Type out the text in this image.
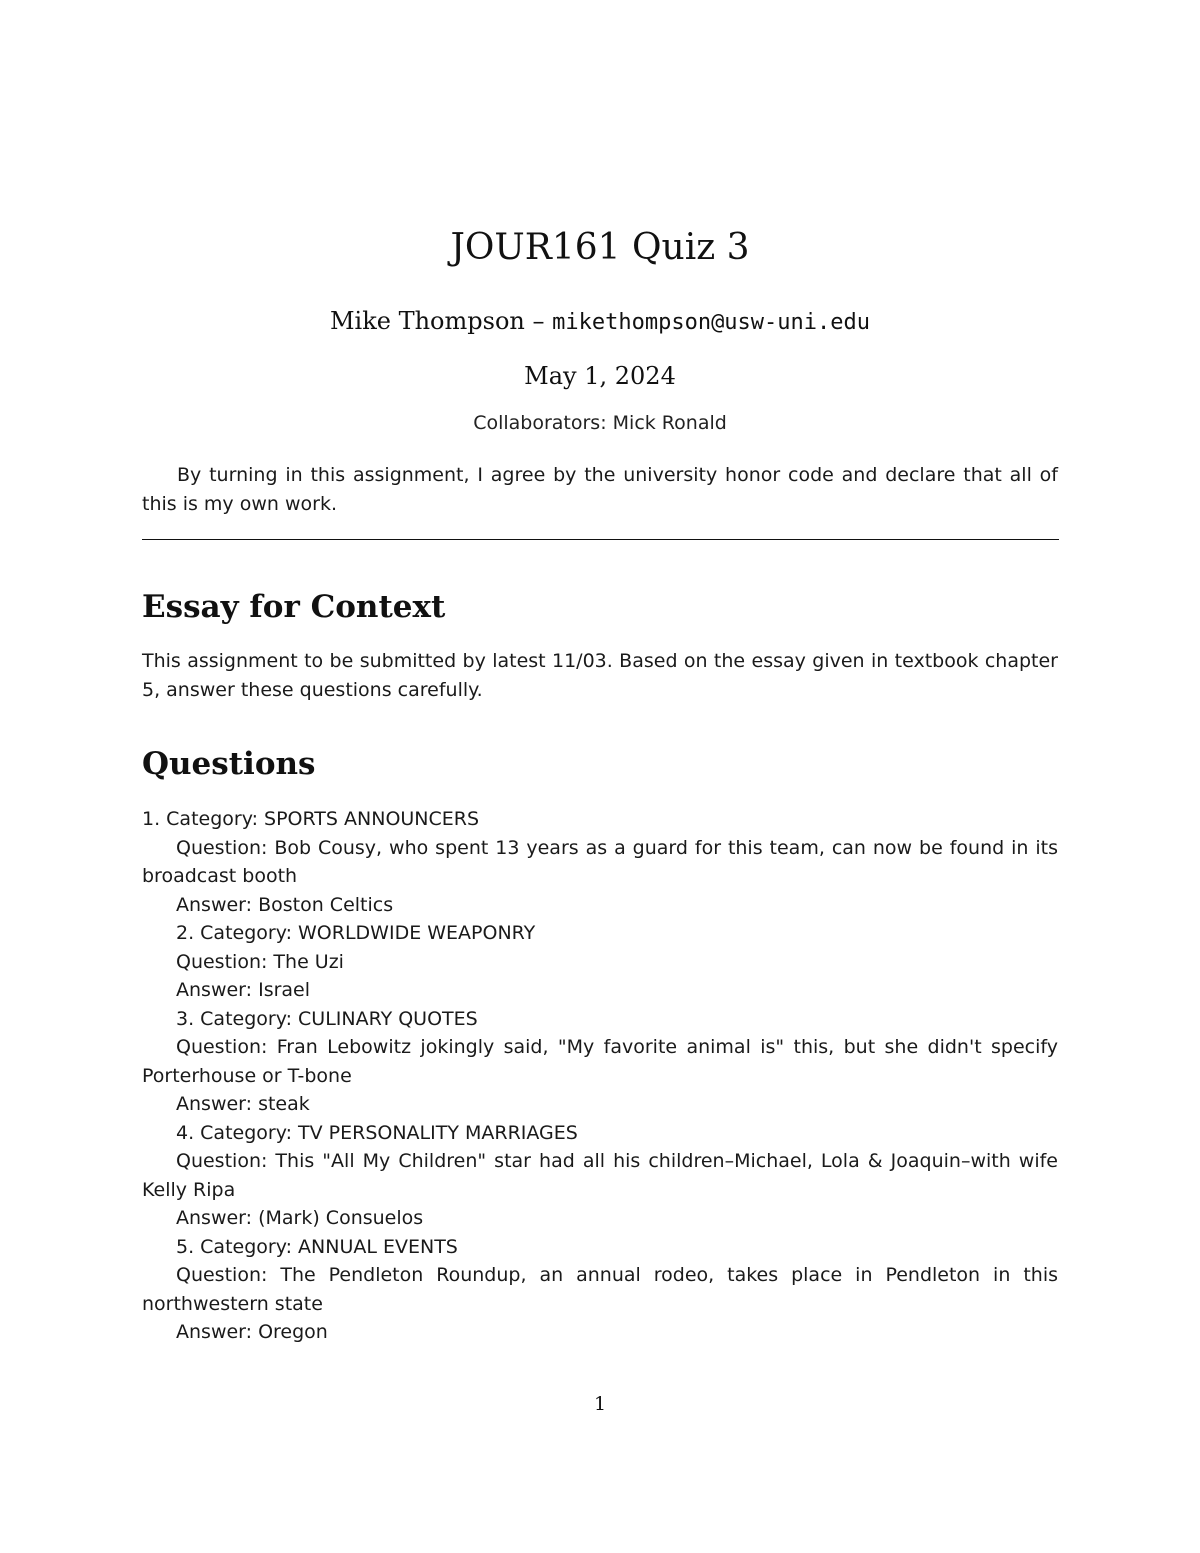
JOUR161 Quiz 3
Mike Thompson – mikethompson@usw-uni.edu
May 1, 2024
Collaborators: Mick Ronald
By turning in this assignment, I agree by the university honor code and declare that all of this is my own work.
Essay for Context
This assignment to be submitted by latest 11/03. Based on the essay given in textbook chapter 5, answer these questions carefully.
Questions
1. Category: SPORTS ANNOUNCERS
Question: Bob Cousy, who spent 13 years as a guard for this team, can now be found in its broadcast booth
Answer: Boston Celtics
2. Category: WORLDWIDE WEAPONRY
Question: The Uzi
Answer: Israel
3. Category: CULINARY QUOTES
Question: Fran Lebowitz jokingly said, "My favorite animal is" this, but she didn't specify Porterhouse or T-bone
Answer: steak
4. Category: TV PERSONALITY MARRIAGES
Question: This "All My Children" star had all his children–Michael, Lola & Joaquin–with wife Kelly Ripa
Answer: (Mark) Consuelos
5. Category: ANNUAL EVENTS
Question: The Pendleton Roundup, an annual rodeo, takes place in Pendleton in this northwestern state
Answer: Oregon
1
